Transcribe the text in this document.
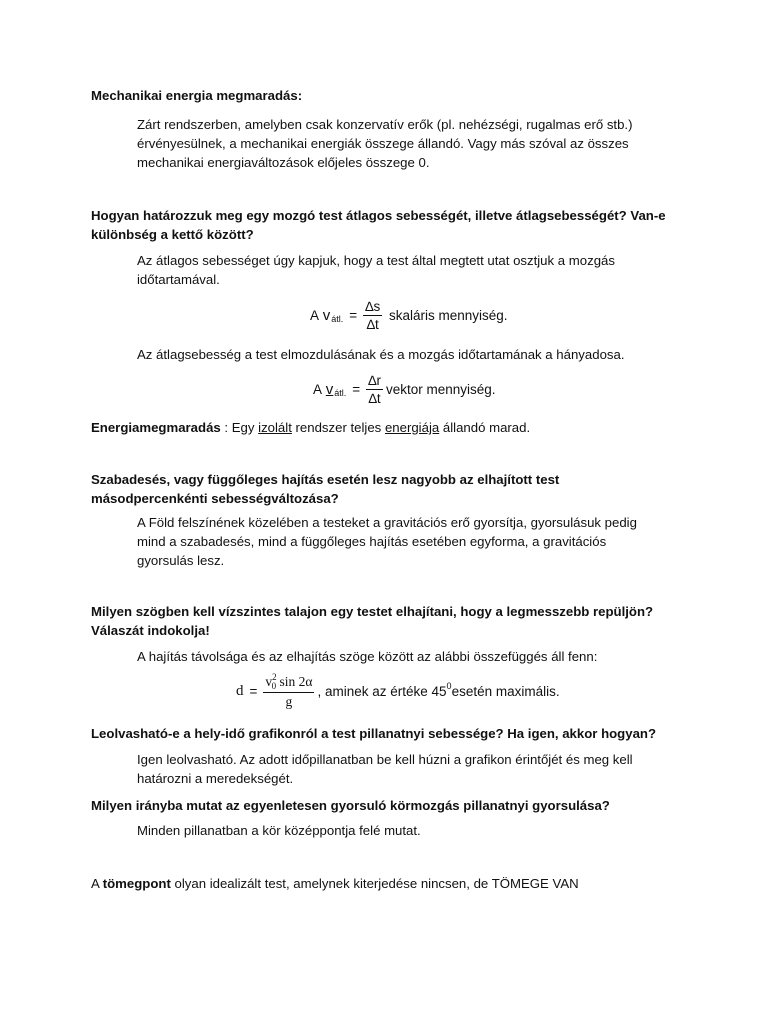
Mechanikai energia megmaradás:

Zárt rendszerben, amelyben csak konzervatív erők (pl. nehézségi, rugalmas erő stb.)
érvényesülnek, a mechanikai energiák összege állandó. Vagy más szóval az összes
mechanikai energiaváltozások előjeles összege 0.

Hogyan határozzuk meg egy mozgó test átlagos sebességét, illetve átlagsebességét? Van-e
különbség a kettő között?

Az átlagos sebességet úgy kapjuk, hogy a test által megtett utat osztjuk a mozgás
időtartamával.

A
v átl. = $\frac{\Delta s}{\Delta t}$
skaláris mennyiség.

Az átlagsebesség a test elmozdulásának és a mozgás időtartamának a hányadosa.

A
v átl. = $\frac{\Delta r}{\Delta t}$ vektor mennyiség.

Energiamegmaradás : Egy izolált rendszer teljes energiája állandó marad.

Szabadesés, vagy függőleges hajítás esetén lesz nagyobb az elhajított test
másodpercenkénti sebességváltozása?

A Föld felszínének közelében a testeket a gravitációs erő gyorsítja, gyorsulásuk pedig
mind a szabadesés, mind a függőleges hajítás esetében egyforma, a gravitációs
gyorsulás lesz.

Milyen szögben kell vízszintes talajon egy testet elhajítani, hogy a legmesszebb repüljön?
Válaszát indokolja!

A hajítás távolsága és az elhajítás szöge között az alábbi összefüggés áll fenn:

$d = \frac{v^2_0 \sin 2\alpha}{g}$ , aminek az értéke 45 0 esetén maximális.

Leolvasható-e a hely-idő grafikonról a test pillanatnyi sebessége? Ha igen, akkor hogyan?

Igen leolvasható. Az adott időpillanatban be kell húzni a grafikon érintőjét és meg kell
határozni a meredekségét.

Milyen irányba mutat az egyenletesen gyorsuló körmozgás pillanatnyi gyorsulása?

Minden pillanatban a kör középpontja felé mutat.

A tömegpont olyan idealizált test, amelynek kiterjedése nincsen, de TÖMEGE VAN
